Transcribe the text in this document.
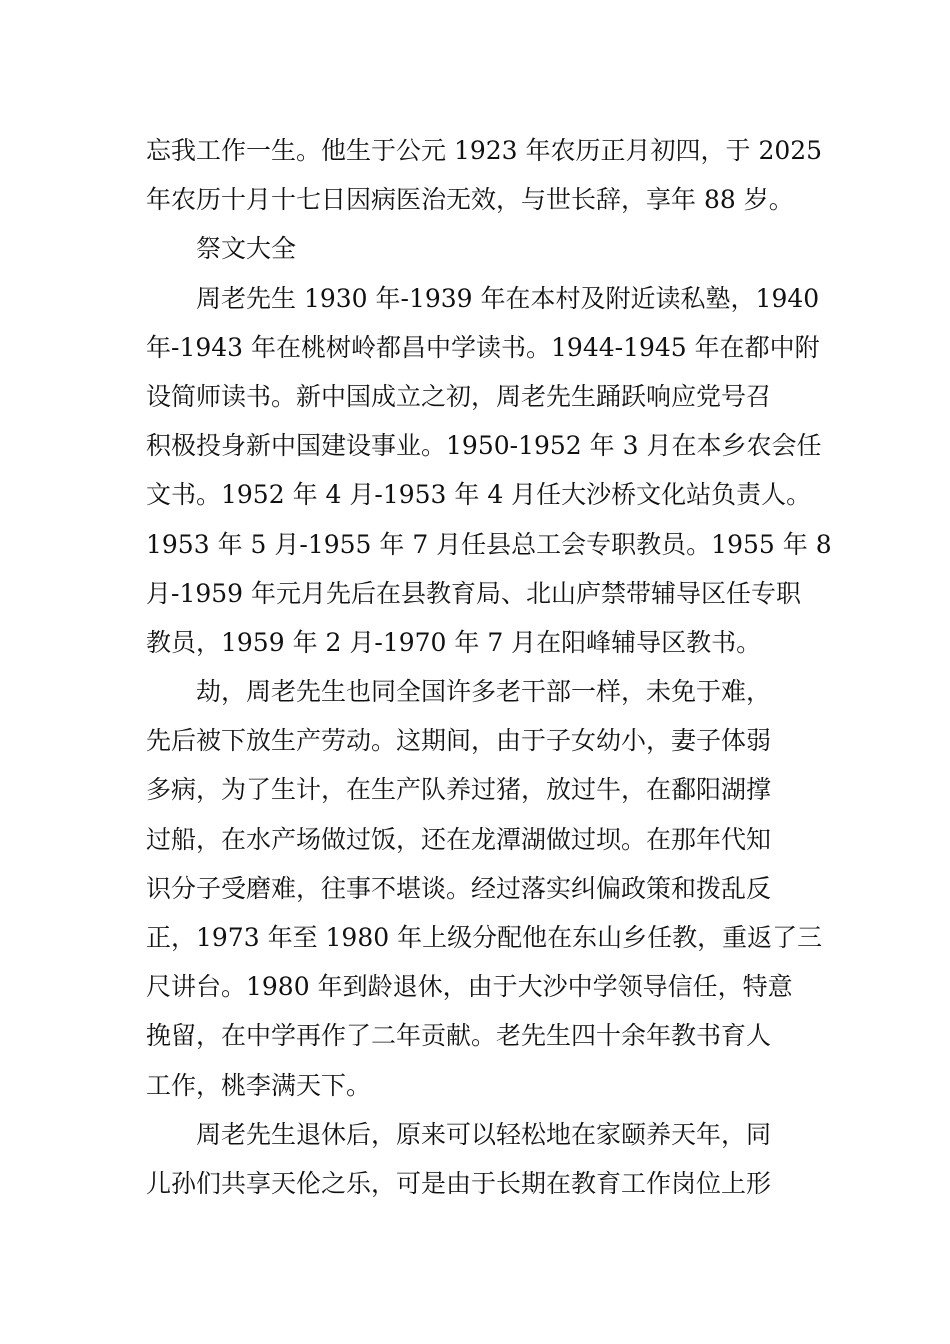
忘我工作一生。他生于公元 1923 年农历正月初四，于 2025
年农历十月十七日因病医治无效，与世长辞，享年 88 岁。
祭文大全
周老先生 1930 年-1939 年在本村及附近读私塾，1940
年-1943 年在桃树岭都昌中学读书。1944-1945 年在都中附
设简师读书。新中国成立之初，周老先生踊跃响应党号召
积极投身新中国建设事业。1950-1952 年 3 月在本乡农会任
文书。1952 年 4 月-1953 年 4 月任大沙桥文化站负责人。
1953 年 5 月-1955 年 7 月任县总工会专职教员。1955 年 8
月-1959 年元月先后在县教育局、北山庐禁带辅导区任专职
教员，1959 年 2 月-1970 年 7 月在阳峰辅导区教书。
劫，周老先生也同全国许多老干部一样，未免于难，
先后被下放生产劳动。这期间，由于子女幼小，妻子体弱
多病，为了生计，在生产队养过猪，放过牛，在鄱阳湖撑
过船，在水产场做过饭，还在龙潭湖做过坝。在那年代知
识分子受磨难，往事不堪谈。经过落实纠偏政策和拨乱反
正，1973 年至 1980 年上级分配他在东山乡任教，重返了三
尺讲台。1980 年到龄退休，由于大沙中学领导信任，特意
挽留，在中学再作了二年贡献。老先生四十余年教书育人
工作，桃李满天下。
周老先生退休后，原来可以轻松地在家颐养天年，同
儿孙们共享天伦之乐，可是由于长期在教育工作岗位上形
